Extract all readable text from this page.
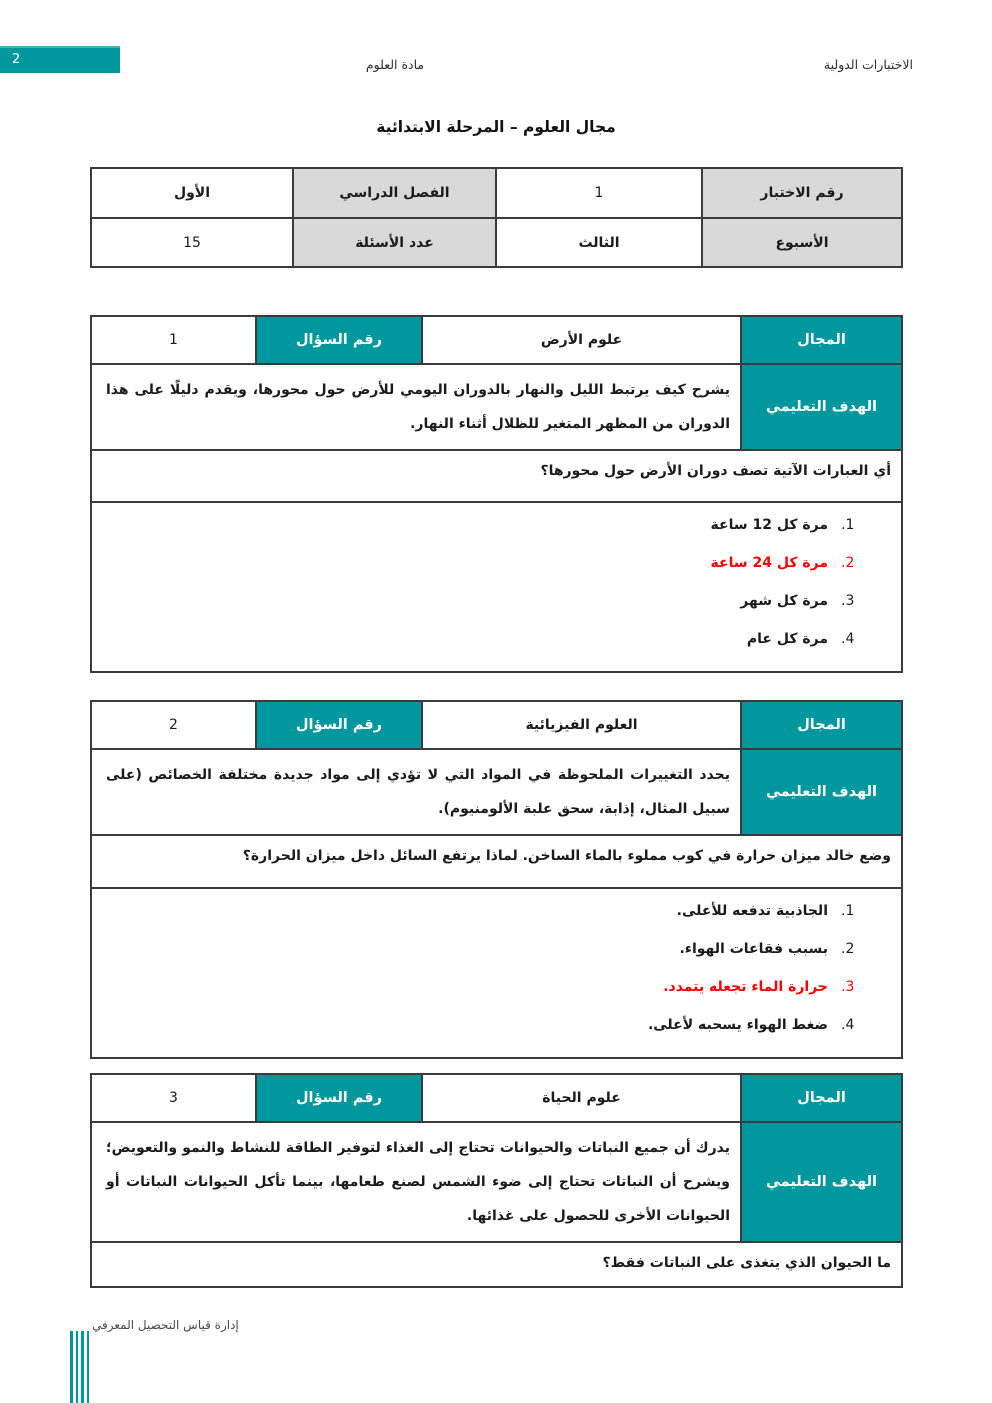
2	مادة العلوم	الاختبارات الدولية
مجال العلوم – المرحلة الابتدائية
رقم الاختبار	1	الفصل الدراسي	الأول
الأسبوع	الثالث	عدد الأسئلة	15
المجال	علوم الأرض	رقم السؤال	1
الهدف التعليمي	يشرح كيف يرتبط الليل والنهار بالدوران اليومي للأرض حول محورها، ويقدم دليلًا على هذا الدوران من المظهر المتغير للظلال أثناء النهار.		
أي العبارات الآتية تصف دوران الأرض حول محورها؟			

1.
مرة كل 12 ساعة
2.
مرة كل 24 ساعة
3.
مرة كل شهر
4.
مرة كل عام
المجال	العلوم الفيزيائية	رقم السؤال	2
الهدف التعليمي	يحدد التغييرات الملحوظة في المواد التي لا تؤدي إلى مواد جديدة مختلفة الخصائص (على سبيل المثال، إذابة، سحق علبة الألومنيوم).		
وضع خالد ميزان حرارة في كوب مملوء بالماء الساخن. لماذا يرتفع السائل داخل ميزان الحرارة؟			

1.
الجاذبية تدفعه للأعلى.
2.
بسبب فقاعات الهواء.
3.
حرارة الماء تجعله يتمدد.
4.
ضغط الهواء يسحبه لأعلى.
المجال	علوم الحياة	رقم السؤال	3
الهدف التعليمي	يدرك أن جميع النباتات والحيوانات تحتاج إلى الغذاء لتوفير الطاقة للنشاط والنمو والتعويض؛ ويشرح أن النباتات تحتاج إلى ضوء الشمس لصنع طعامها، بينما تأكل الحيوانات النباتات أو الحيوانات الأخرى للحصول على غذائها.		
ما الحيوان الذي يتغذى على النباتات فقط؟			
إدارة قياس التحصيل المعرفي
